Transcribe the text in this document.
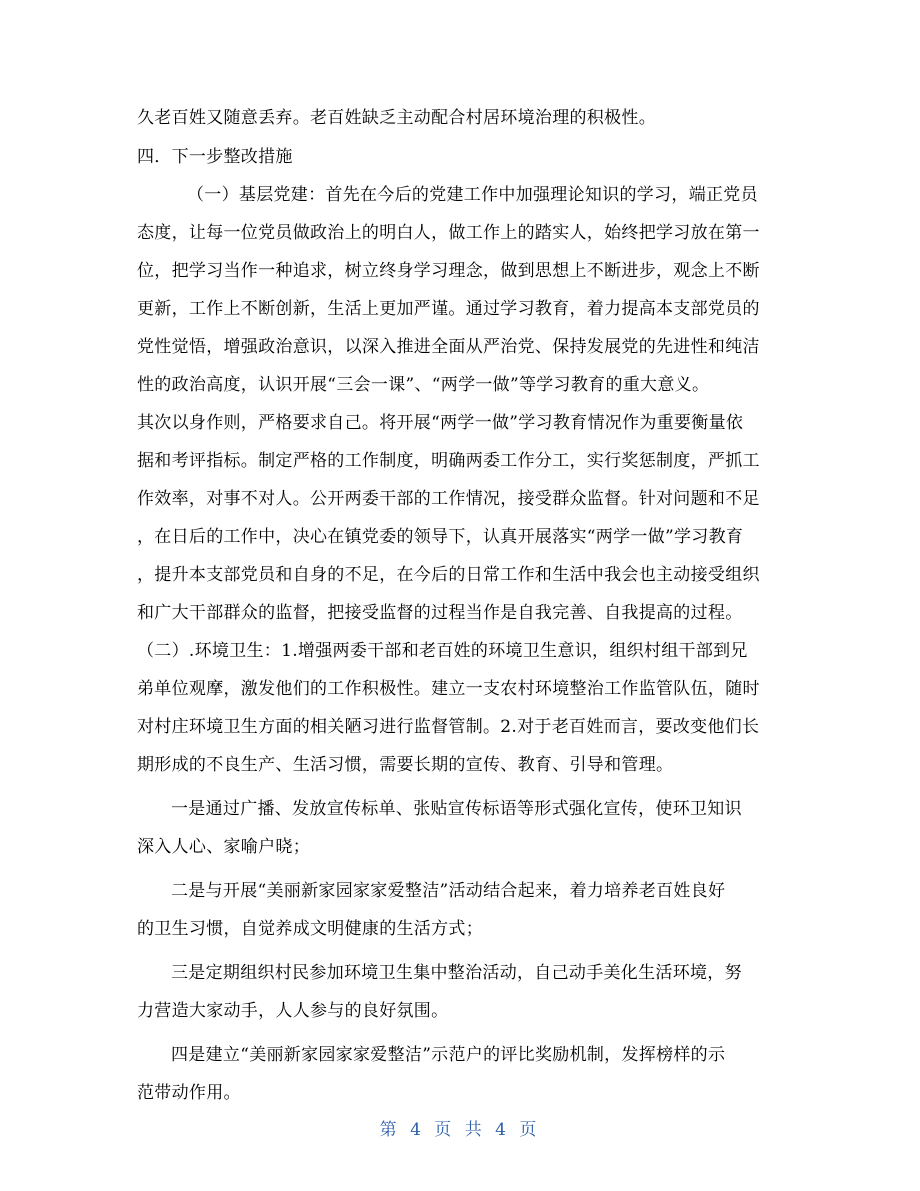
久老百姓又随意丢弃。老百姓缺乏主动配合村居环境治理的积极性。
四．下一步整改措施
（一）基层党建：首先在今后的党建工作中加强理论知识的学习，端正党员
态度，让每一位党员做政治上的明白人，做工作上的踏实人，始终把学习放在第一
位，把学习当作一种追求，树立终身学习理念，做到思想上不断进步，观念上不断
更新，工作上不断创新，生活上更加严谨。通过学习教育，着力提高本支部党员的
党性觉悟，增强政治意识，以深入推进全面从严治党、保持发展党的先进性和纯洁
性的政治高度，认识开展“三会一课”、“两学一做”等学习教育的重大意义。
其次以身作则，严格要求自己。将开展“两学一做”学习教育情况作为重要衡量依
据和考评指标。制定严格的工作制度，明确两委工作分工，实行奖惩制度，严抓工
作效率，对事不对人。公开两委干部的工作情况，接受群众监督。针对问题和不足
，在日后的工作中，决心在镇党委的领导下，认真开展落实“两学一做”学习教育
，提升本支部党员和自身的不足，在今后的日常工作和生活中我会也主动接受组织
和广大干部群众的监督，把接受监督的过程当作是自我完善、自我提高的过程。
（二）.环境卫生：1.增强两委干部和老百姓的环境卫生意识，组织村组干部到兄
弟单位观摩，激发他们的工作积极性。建立一支农村环境整治工作监管队伍，随时
对村庄环境卫生方面的相关陋习进行监督管制。2.对于老百姓而言，要改变他们长
期形成的不良生产、生活习惯，需要长期的宣传、教育、引导和管理。
一是通过广播、发放宣传标单、张贴宣传标语等形式强化宣传，使环卫知识
深入人心、家喻户晓；
二是与开展“美丽新家园家家爱整洁”活动结合起来，着力培养老百姓良好
的卫生习惯，自觉养成文明健康的生活方式；
三是定期组织村民参加环境卫生集中整治活动，自己动手美化生活环境，努
力营造大家动手，人人参与的良好氛围。
四是建立“美丽新家园家家爱整洁”示范户的评比奖励机制，发挥榜样的示
范带动作用。
第 4 页 共 4 页
